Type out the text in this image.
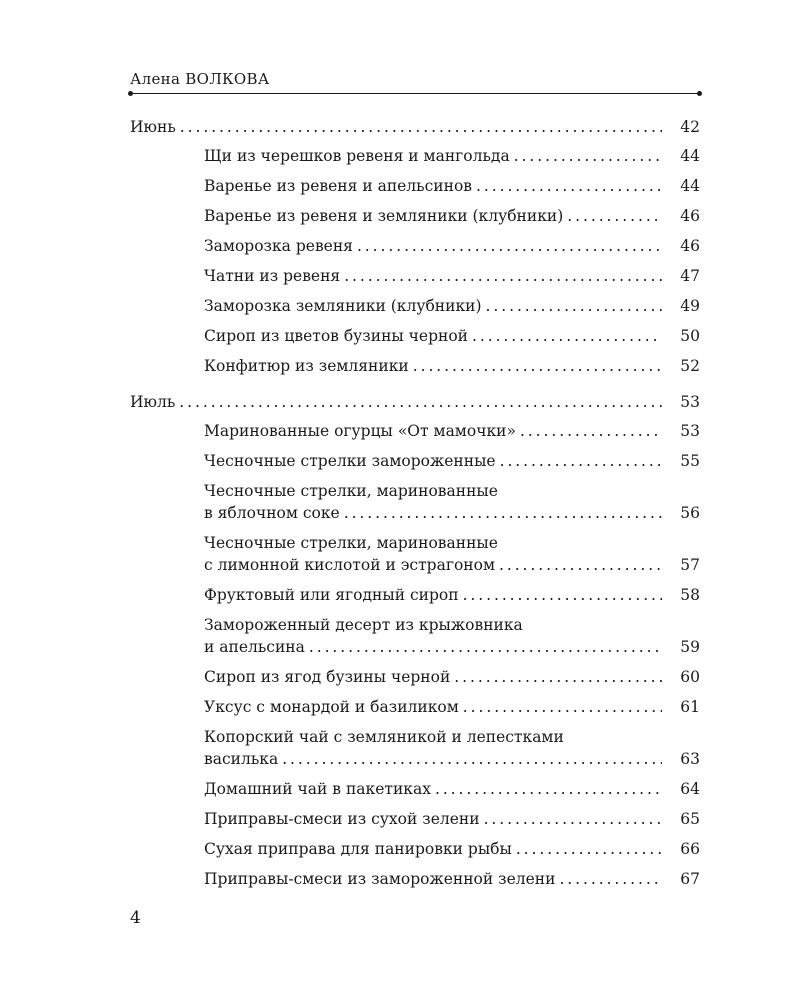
Алена ВОЛКОВА
Июнь . . .	42
Щи из черешков ревеня и мангольда . . .	44
Варенье из ревеня и апельсинов . . .	44
Варенье из ревеня и земляники (клубники) . . .	46
Заморозка ревеня . . .	46
Чатни из ревеня . . .	47
Заморозка земляники (клубники) . . .	49
Сироп из цветов бузины черной . . .	50
Конфитюр из земляники . . .	52
Июль . . .	53
Маринованные огурцы «От мамочки» . . .	53
Чесночные стрелки замороженные . . .	55
Чесночные стрелки, маринованные
в яблочном соке . . .	56
Чесночные стрелки, маринованные
с лимонной кислотой и эстрагоном . . .	57
Фруктовый или ягодный сироп . . .	58
Замороженный десерт из крыжовника
и апельсина . . .	59
Сироп из ягод бузины черной . . .	60
Уксус с монардой и базиликом . . .	61
Копорский чай с земляникой и лепестками
василька . . .	63
Домашний чай в пакетиках . . .	64
Приправы-смеси из сухой зелени . . .	65
Сухая приправа для панировки рыбы . . .	66
Приправы-смеси из замороженной зелени . . .	67
4
